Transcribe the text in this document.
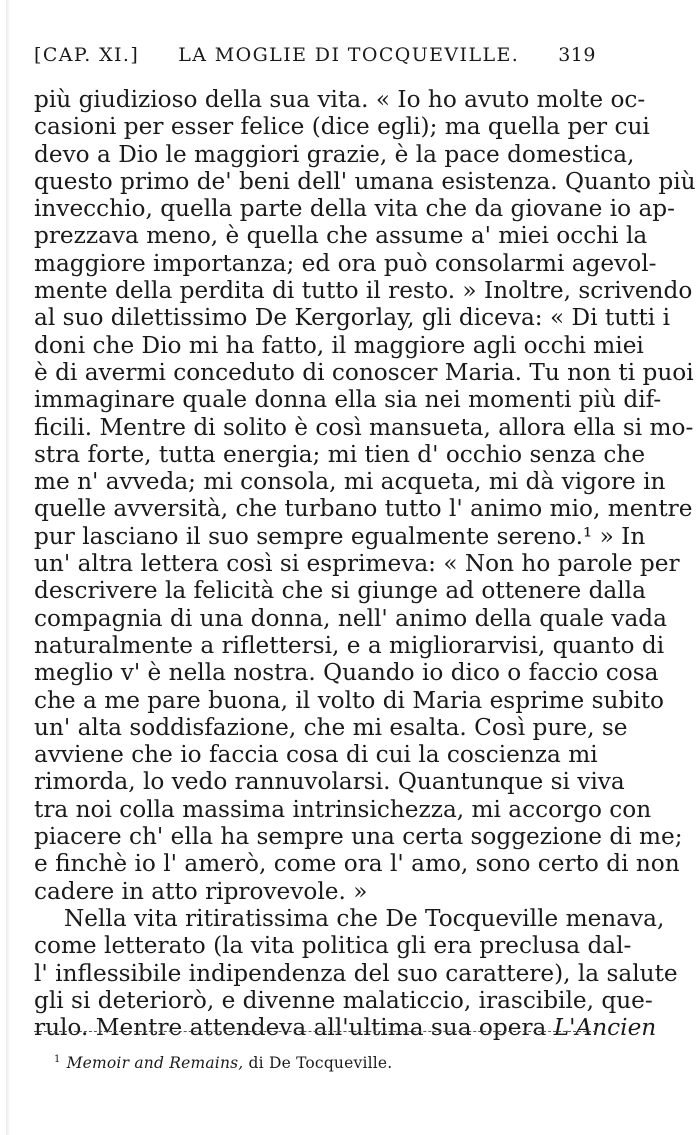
[CAP. XI.] LA MOGLIE DI TOCQUEVILLE. 319
più giudizioso della sua vita. « Io ho avuto molte oc-
casioni per esser felice (dice egli); ma quella per cui
devo a Dio le maggiori grazie, è la pace domestica,
questo primo de' beni dell' umana esistenza. Quanto più
invecchio, quella parte della vita che da giovane io ap-
prezzava meno, è quella che assume a' miei occhi la
maggiore importanza; ed ora può consolarmi agevol-
mente della perdita di tutto il resto. » Inoltre, scrivendo
al suo dilettissimo De Kergorlay, gli diceva: « Di tutti i
doni che Dio mi ha fatto, il maggiore agli occhi miei
è di avermi conceduto di conoscer Maria. Tu non ti puoi
immaginare quale donna ella sia nei momenti più dif-
ficili. Mentre di solito è così mansueta, allora ella si mo-
stra forte, tutta energia; mi tien d' occhio senza che
me n' avveda; mi consola, mi acqueta, mi dà vigore in
quelle avversità, che turbano tutto l' animo mio, mentre
pur lasciano il suo sempre egualmente sereno.¹ » In
un' altra lettera così si esprimeva: « Non ho parole per
descrivere la felicità che si giunge ad ottenere dalla
compagnia di una donna, nell' animo della quale vada
naturalmente a riflettersi, e a migliorarvisi, quanto di
meglio v' è nella nostra. Quando io dico o faccio cosa
che a me pare buona, il volto di Maria esprime subito
un' alta soddisfazione, che mi esalta. Così pure, se
avviene che io faccia cosa di cui la coscienza mi
rimorda, lo vedo rannuvolarsi. Quantunque si viva
tra noi colla massima intrinsichezza, mi accorgo con
piacere ch' ella ha sempre una certa soggezione di me;
e finchè io l' amerò, come ora l' amo, sono certo di non
cadere in atto riprovevole. »
Nella vita ritiratissima che De Tocqueville menava,
come letterato (la vita politica gli era preclusa dal-
l' inflessibile indipendenza del suo carattere), la salute
gli si deteriorò, e divenne malaticcio, irascibile, que-
rulo. Mentre attendeva all'ultima sua opera L'Ancien
$^1$ Memoir and Remains, di De Tocqueville.
